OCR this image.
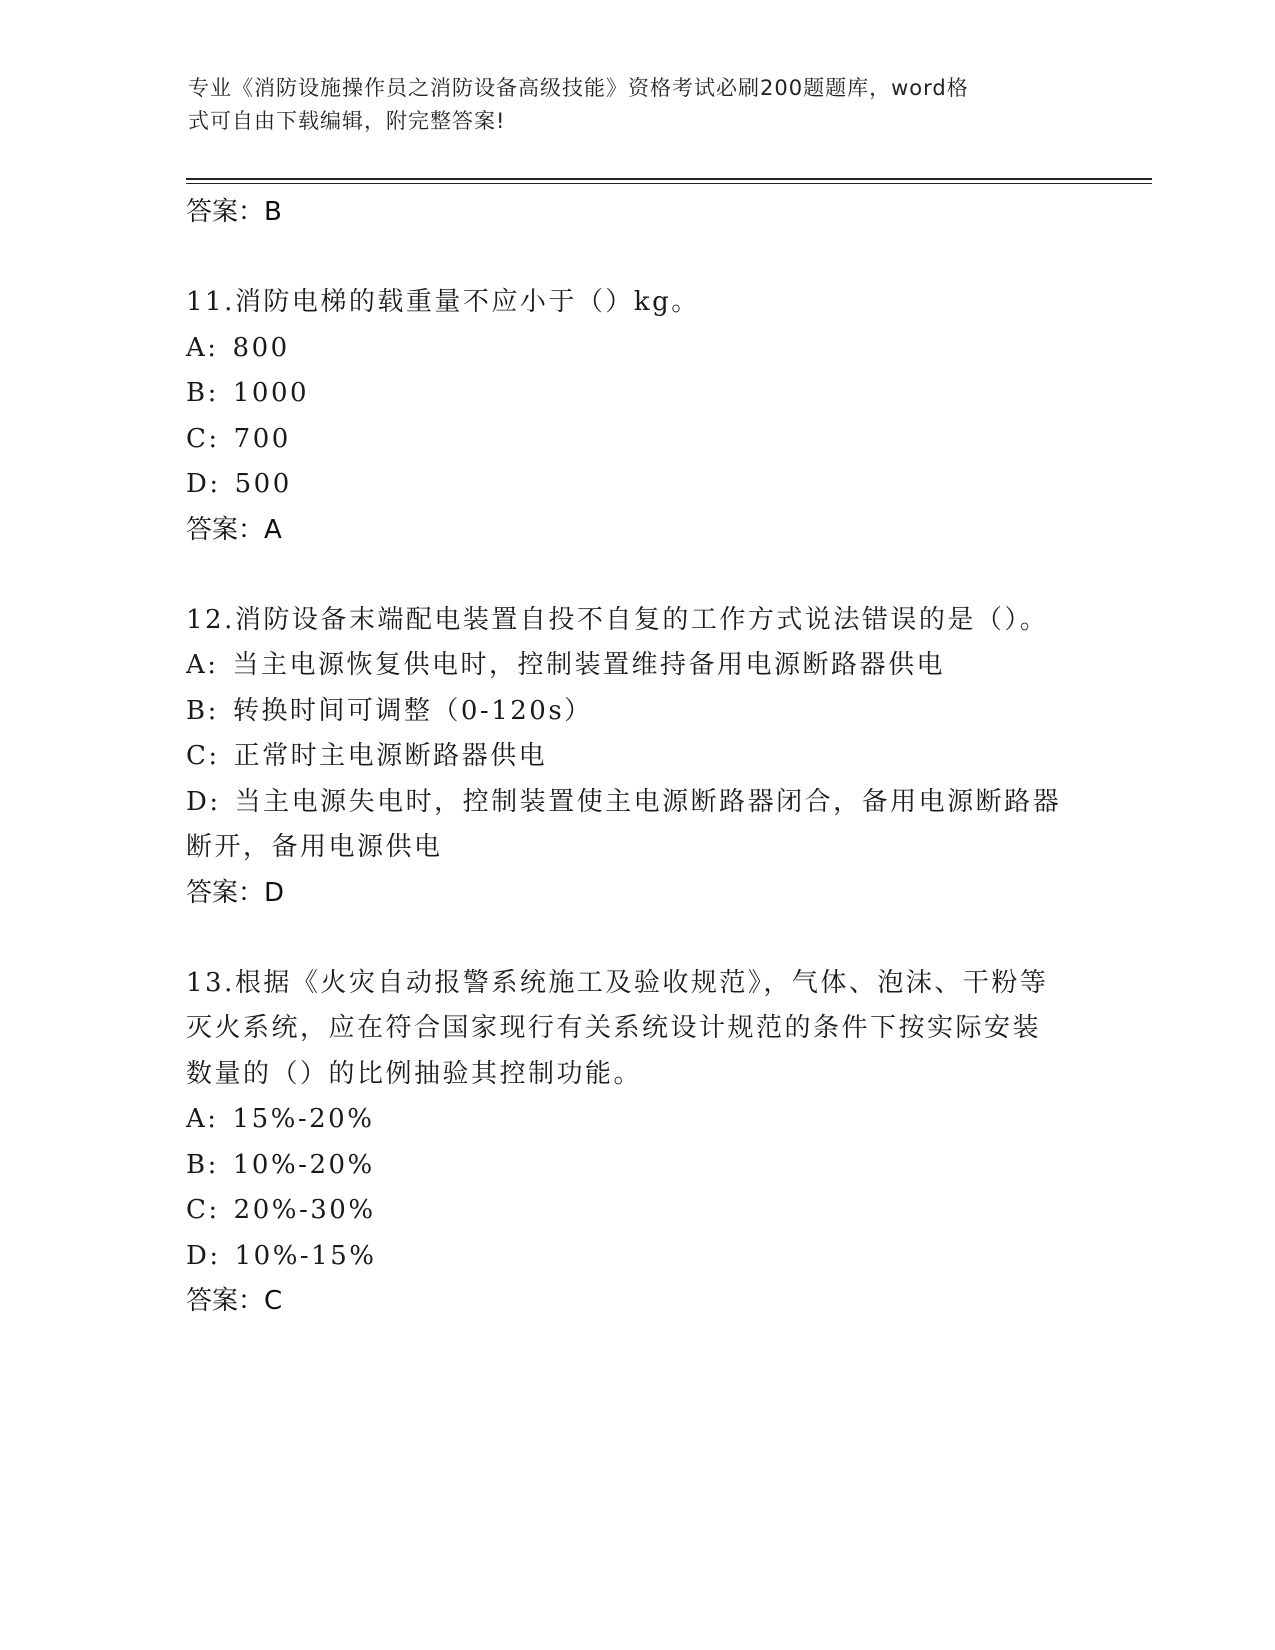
专业《消防设施操作员之消防设备高级技能》资格考试必刷200题题库，word格
式可自由下载编辑，附完整答案!
答案：B
11.消防电梯的载重量不应小于（）kg。
A: 800
B: 1000
C: 700
D: 500
答案：A
12.消防设备末端配电装置自投不自复的工作方式说法错误的是（）。
A: 当主电源恢复供电时，控制装置维持备用电源断路器供电
B: 转换时间可调整（0-120s）
C: 正常时主电源断路器供电
D: 当主电源失电时，控制装置使主电源断路器闭合，备用电源断路器
断开，备用电源供电
答案：D
13.根据《火灾自动报警系统施工及验收规范》，气体、泡沫、干粉等
灭火系统，应在符合国家现行有关系统设计规范的条件下按实际安装
数量的（）的比例抽验其控制功能。
A: 15%-20%
B: 10%-20%
C: 20%-30%
D: 10%-15%
答案：C
